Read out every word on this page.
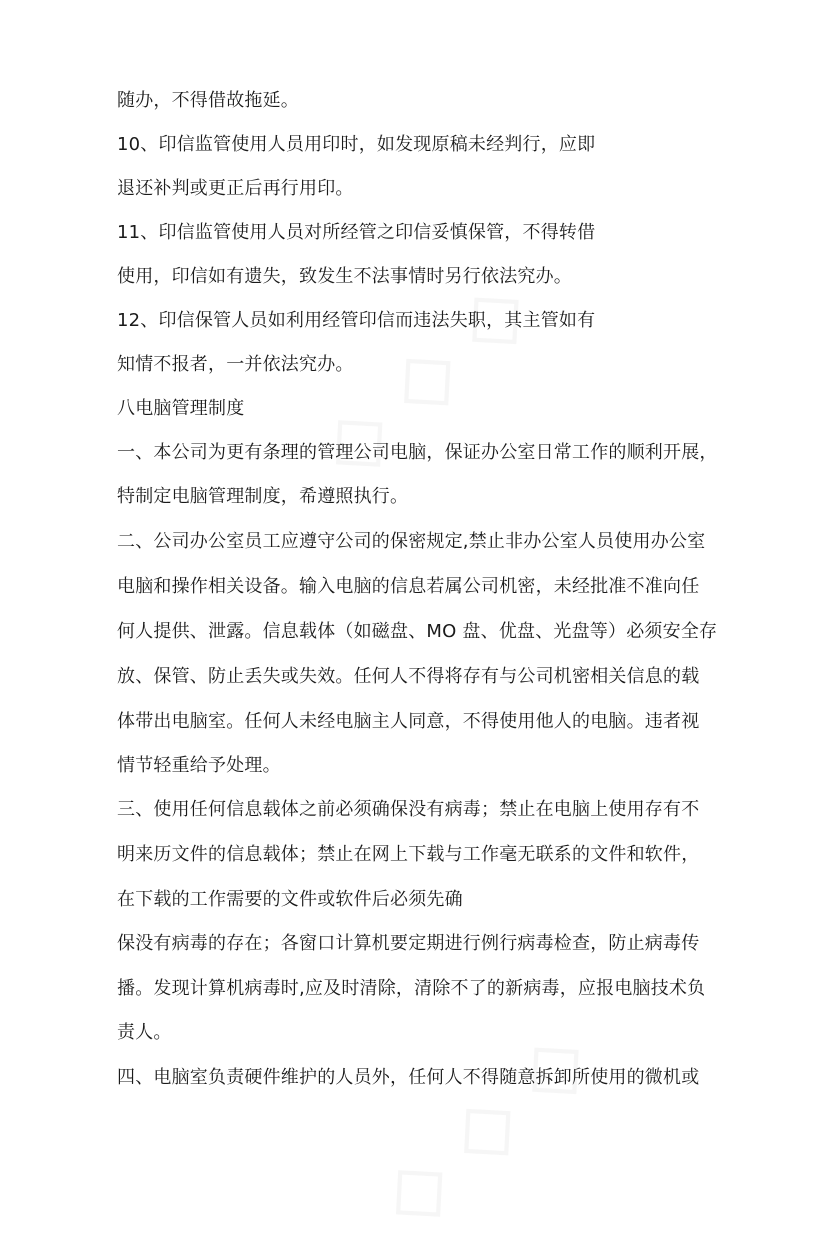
随办，不得借故拖延。
10、印信监管使用人员用印时，如发现原稿未经判行，应即
退还补判或更正后再行用印。
11、印信监管使用人员对所经管之印信妥慎保管，不得转借
使用，印信如有遗失，致发生不法事情时另行依法究办。
12、印信保管人员如利用经管印信而违法失职，其主管如有
知情不报者，一并依法究办。
八电脑管理制度
一、本公司为更有条理的管理公司电脑，保证办公室日常工作的顺利开展，
特制定电脑管理制度，希遵照执行。
二、公司办公室员工应遵守公司的保密规定,禁止非办公室人员使用办公室
电脑和操作相关设备。输入电脑的信息若属公司机密，未经批准不准向任
何人提供、泄露。信息载体（如磁盘、MO 盘、优盘、光盘等）必须安全存
放、保管、防止丢失或失效。任何人不得将存有与公司机密相关信息的载
体带出电脑室。任何人未经电脑主人同意，不得使用他人的电脑。违者视
情节轻重给予处理。
三、使用任何信息载体之前必须确保没有病毒；禁止在电脑上使用存有不
明来历文件的信息载体；禁止在网上下载与工作毫无联系的文件和软件，
在下载的工作需要的文件或软件后必须先确
保没有病毒的存在；各窗口计算机要定期进行例行病毒检查，防止病毒传
播。发现计算机病毒时,应及时清除，清除不了的新病毒，应报电脑技术负
责人。
四、电脑室负责硬件维护的人员外，任何人不得随意拆卸所使用的微机或
